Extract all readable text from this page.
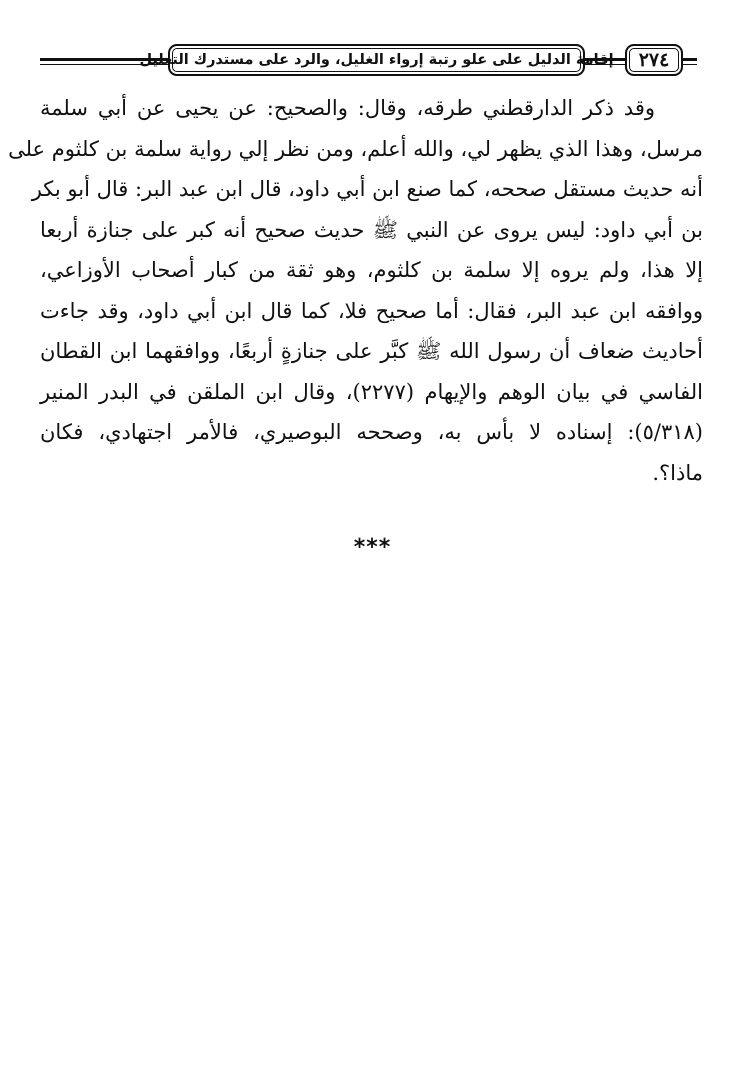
إقامة الدليل على علو رتبة إرواء الغليل، والرد على مستدرك التعليل	٢٧٤
وقد ذكر الدارقطني طرقه، وقال: والصحيح: عن يحيى عن أبي سلمة
مرسل، وهذا الذي يظهر لي، والله أعلم، ومن نظر إلي رواية سلمة بن كلثوم على
أنه حديث مستقل صححه، كما صنع ابن أبي داود، قال ابن عبد البر: قال أبو بكر
بن أبي داود: ليس يروى عن النبي ﷺ حديث صحيح أنه كبر على جنازة أربعا
إلا هذا، ولم يروه إلا سلمة بن كلثوم، وهو ثقة من كبار أصحاب الأوزاعي،
ووافقه ابن عبد البر، فقال: أما صحيح فلا، كما قال ابن أبي داود، وقد جاءت
أحاديث ضعاف أن رسول الله ﷺ كبَّر على جنازةٍ أربعًا، ووافقهما ابن القطان
الفاسي في بيان الوهم والإيهام (٢٢٧٧)، وقال ابن الملقن في البدر المنير
(٥/٣١٨): إسناده لا بأس به، وصححه البوصيري، فالأمر اجتهادي، فكان
ماذا؟.
***
